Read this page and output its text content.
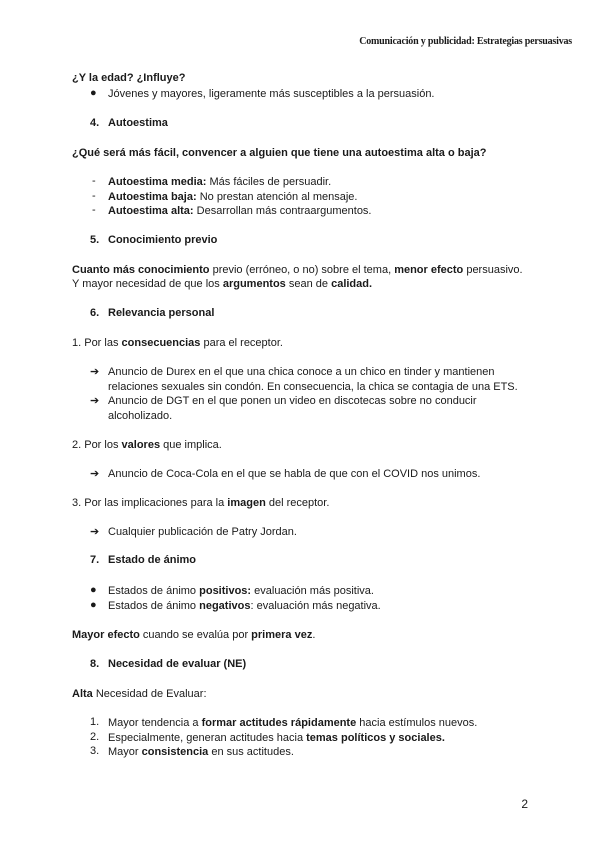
Comunicación y publicidad: Estrategias persuasivas
¿Y la edad? ¿Influye?
● Jóvenes y mayores, ligeramente más susceptibles a la persuasión.
4. Autoestima
¿Qué será más fácil, convencer a alguien que tiene una autoestima alta o baja?
- Autoestima media: Más fáciles de persuadir.
- Autoestima baja: No prestan atención al mensaje.
- Autoestima alta: Desarrollan más contraargumentos.
5. Conocimiento previo
Cuanto más conocimiento previo (erróneo, o no) sobre el tema, menor efecto persuasivo.
Y mayor necesidad de que los argumentos sean de calidad.
6. Relevancia personal
1. Por las consecuencias para el receptor.
➔ Anuncio de Durex en el que una chica conoce a un chico en tinder y mantienen
relaciones sexuales sin condón. En consecuencia, la chica se contagia de una ETS.
➔ Anuncio de DGT en el que ponen un video en discotecas sobre no conducir
alcoholizado.
2. Por los valores que implica.
➔ Anuncio de Coca-Cola en el que se habla de que con el COVID nos unimos.
3. Por las implicaciones para la imagen del receptor.
➔ Cualquier publicación de Patry Jordan.
7. Estado de ánimo
● Estados de ánimo positivos: evaluación más positiva.
● Estados de ánimo negativos: evaluación más negativa.
Mayor efecto cuando se evalúa por primera vez.
8. Necesidad de evaluar (NE)
Alta Necesidad de Evaluar:
1. Mayor tendencia a formar actitudes rápidamente hacia estímulos nuevos.
2. Especialmente, generan actitudes hacia temas políticos y sociales.
3. Mayor consistencia en sus actitudes.
2
